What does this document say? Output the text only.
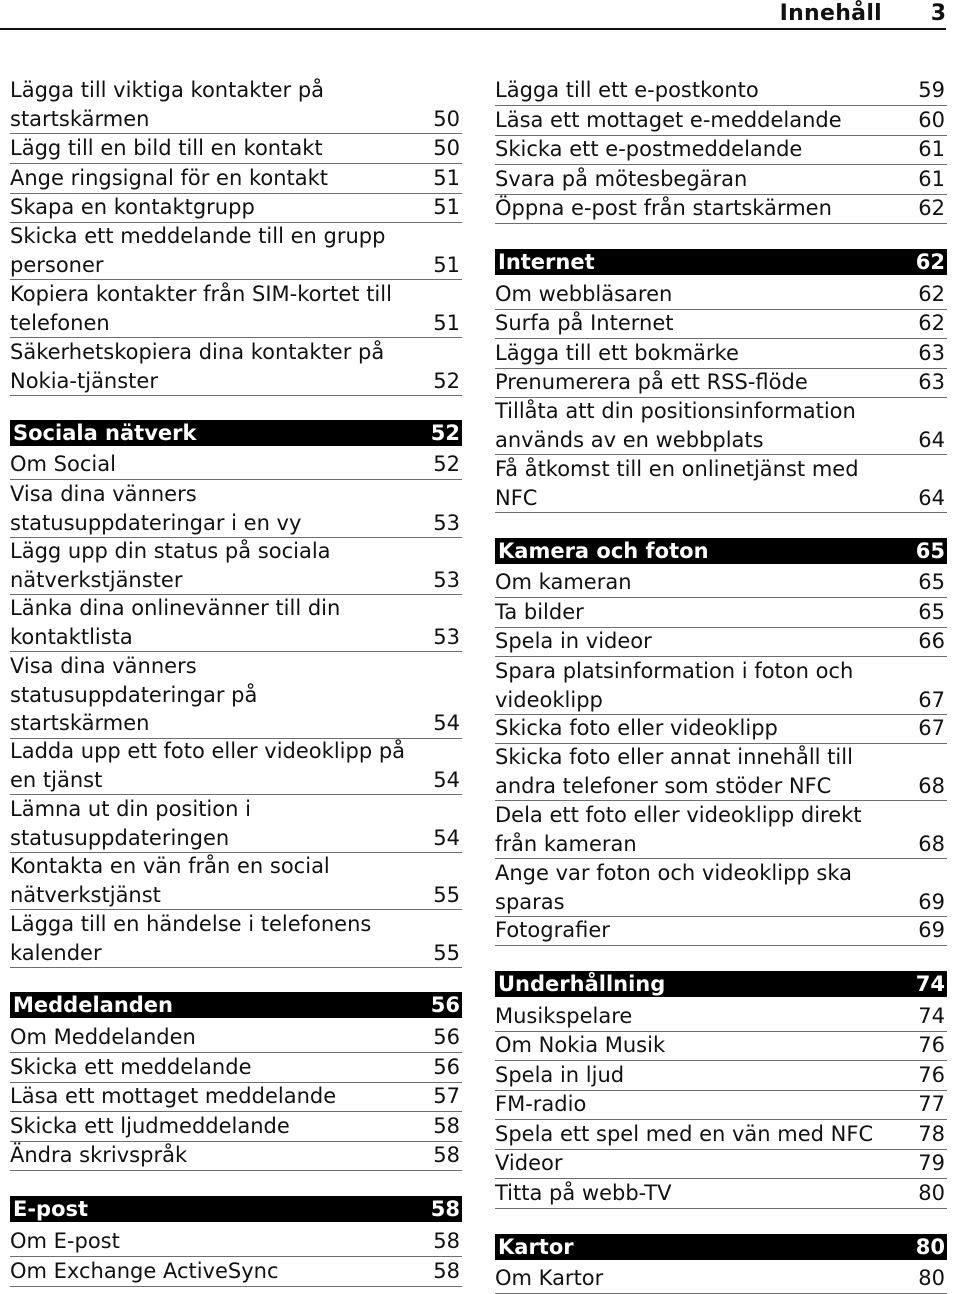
Innehåll 3
Lägga till viktiga kontakter på
startskärmen	50
Lägg till en bild till en kontakt	50
Ange ringsignal för en kontakt	51
Skapa en kontaktgrupp	51
Skicka ett meddelande till en grupp
personer	51
Kopiera kontakter från SIM-kortet till
telefonen	51
Säkerhetskopiera dina kontakter på
Nokia-tjänster	52
Sociala nätverk	52
Om Social	52
Visa dina vänners
statusuppdateringar i en vy	53
Lägg upp din status på sociala
nätverkstjänster	53
Länka dina onlinevänner till din
kontaktlista	53
Visa dina vänners
statusuppdateringar på
startskärmen	54
Ladda upp ett foto eller videoklipp på
en tjänst	54
Lämna ut din position i
statusuppdateringen	54
Kontakta en vän från en social
nätverkstjänst	55
Lägga till en händelse i telefonens
kalender	55
Meddelanden	56
Om Meddelanden	56
Skicka ett meddelande	56
Läsa ett mottaget meddelande	57
Skicka ett ljudmeddelande	58
Ändra skrivspråk	58
E-post	58
Om E-post	58
Om Exchange ActiveSync	58
Lägga till ett e-postkonto	59
Läsa ett mottaget e-meddelande	60
Skicka ett e-postmeddelande	61
Svara på mötesbegäran	61
Öppna e-post från startskärmen	62
Internet	62
Om webbläsaren	62
Surfa på Internet	62
Lägga till ett bokmärke	63
Prenumerera på ett RSS-flöde	63
Tillåta att din positionsinformation
används av en webbplats	64
Få åtkomst till en onlinetjänst med
NFC	64
Kamera och foton	65
Om kameran	65
Ta bilder	65
Spela in videor	66
Spara platsinformation i foton och
videoklipp	67
Skicka foto eller videoklipp	67
Skicka foto eller annat innehåll till
andra telefoner som stöder NFC	68
Dela ett foto eller videoklipp direkt
från kameran	68
Ange var foton och videoklipp ska
sparas	69
Fotografier	69
Underhållning	74
Musikspelare	74
Om Nokia Musik	76
Spela in ljud	76
FM-radio	77
Spela ett spel med en vän med NFC	78
Videor	79
Titta på webb-TV	80
Kartor	80
Om Kartor	80
